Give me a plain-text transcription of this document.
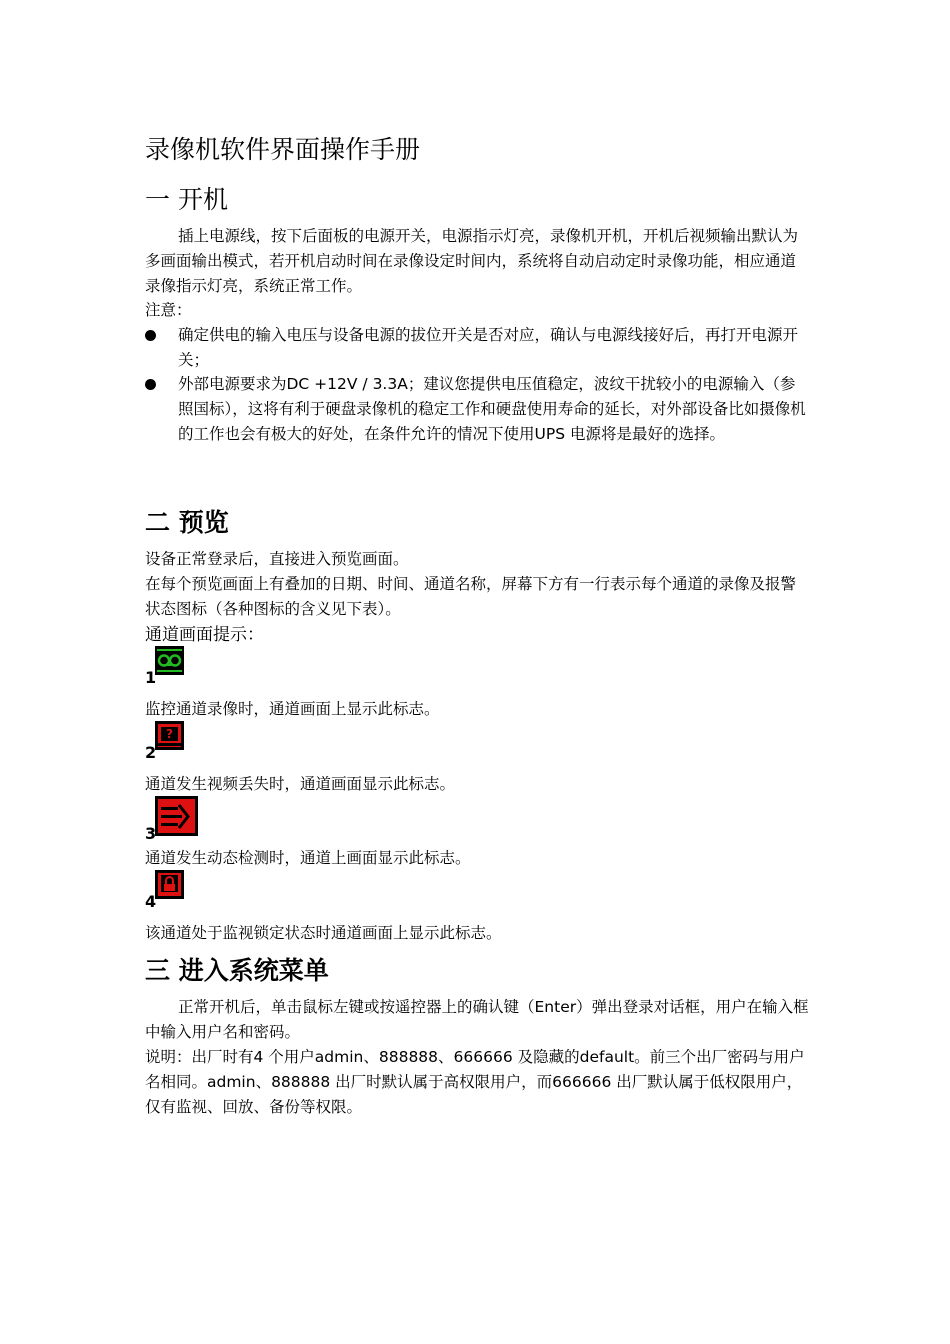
录像机软件界面操作手册
一 开机
插上电源线，按下后面板的电源开关，电源指示灯亮，录像机开机，开机后视频输出默认为多画面输出模式，若开机启动时间在录像设定时间内，系统将自动启动定时录像功能，相应通道录像指示灯亮，系统正常工作。
注意：
确定供电的输入电压与设备电源的拔位开关是否对应，确认与电源线接好后，再打开电源开关；
外部电源要求为DC +12V / 3.3A；建议您提供电压值稳定，波纹干扰较小的电源输入（参照国标），这将有利于硬盘录像机的稳定工作和硬盘使用寿命的延长，对外部设备比如摄像机的工作也会有极大的好处，在条件允许的情况下使用UPS 电源将是最好的选择。
二 预览
设备正常登录后，直接进入预览画面。
在每个预览画面上有叠加的日期、时间、通道名称，屏幕下方有一行表示每个通道的录像及报警状态图标（各种图标的含义见下表）。
通道画面提示：
1
监控通道录像时，通道画面上显示此标志。
?
2
通道发生视频丢失时，通道画面显示此标志。
3
通道发生动态检测时，通道上画面显示此标志。
4
该通道处于监视锁定状态时通道画面上显示此标志。
三 进入系统菜单
正常开机后，单击鼠标左键或按遥控器上的确认键（Enter）弹出登录对话框，用户在输入框中输入用户名和密码。
说明：出厂时有4 个用户admin、888888、666666 及隐藏的default。前三个出厂密码与用户名相同。admin、888888 出厂时默认属于高权限用户，而666666 出厂默认属于低权限用户，仅有监视、回放、备份等权限。
